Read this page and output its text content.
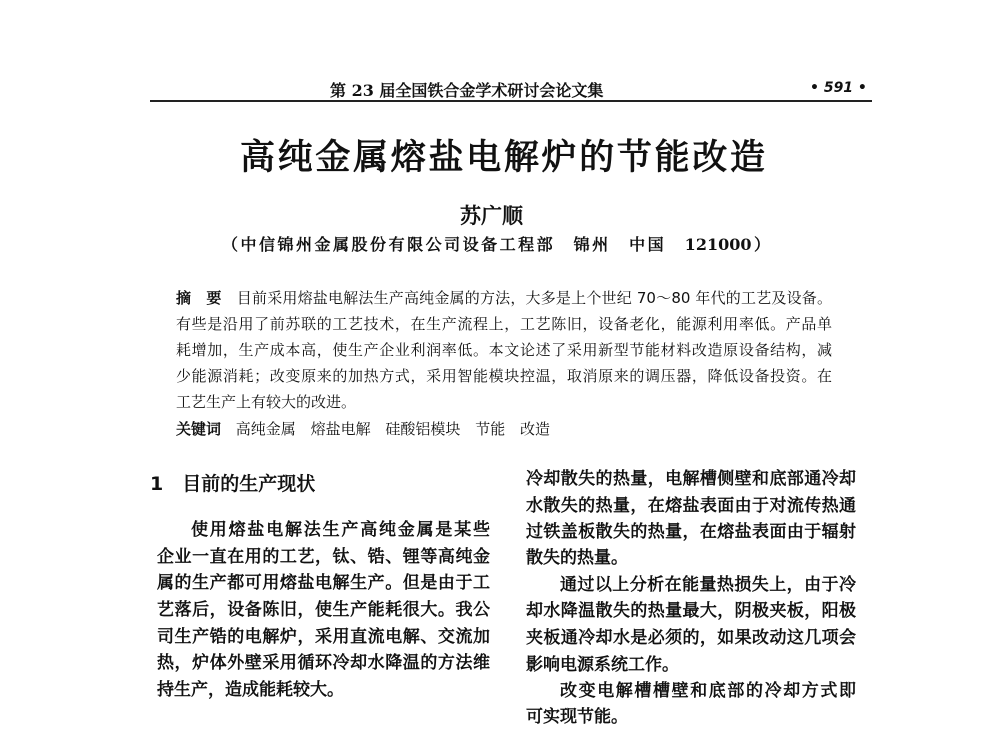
第 23 届全国铁合金学术研讨会论文集	• 591 •
高纯金属熔盐电解炉的节能改造
苏广顺
（中信锦州金属股份有限公司设备工程部　锦州　中国　121000）
摘　要　 目前采用熔盐电解法生产高纯金属的方法，大多是上个世纪 70～80 年代的工艺及设备。
有些是沿用了前苏联的工艺技术，在生产流程上，工艺陈旧，设备老化，能源利用率低。产品单
耗增加，生产成本高，使生产企业利润率低。本文论述了采用新型节能材料改造原设备结构，减
少能源消耗；改变原来的加热方式，采用智能模块控温，取消原来的调压器，降低设备投资。在
工艺生产上有较大的改进。
关键词 高纯金属 熔盐电解 硅酸铝模块 节能 改造
1　目前的生产现状
使用熔盐电解法生产高纯金属是某些
企业一直在用的工艺，钛、锆、锂等高纯金
属的生产都可用熔盐电解生产。但是由于工
艺落后，设备陈旧，使生产能耗很大。我公
司生产锆的电解炉，采用直流电解、交流加
热，炉体外壁采用循环冷却水降温的方法维
持生产，造成能耗较大。
冷却散失的热量，电解槽侧壁和底部通冷却
水散失的热量，在熔盐表面由于对流传热通
过铁盖板散失的热量，在熔盐表面由于辐射
散失的热量。
通过以上分析在能量热损失上，由于冷
却水降温散失的热量最大，阴极夹板，阳极
夹板通冷却水是必须的，如果改动这几项会
影响电源系统工作。
改变电解槽槽壁和底部的冷却方式即
可实现节能。
